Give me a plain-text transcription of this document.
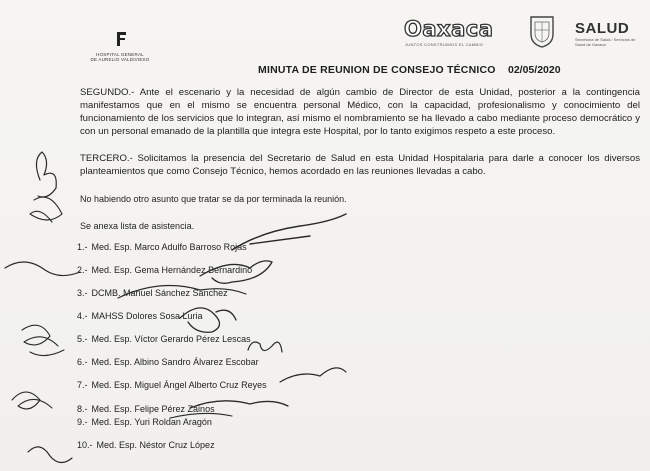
HOSPITAL GENERAL
DE AURELIO VALDIVIESO
Oaxaca
JUNTOS CONSTRUIMOS EL CAMBIO
SALUD
Secretaría de Salud / Servicios de Salud de Oaxaca
MINUTA DE REUNION DE CONSEJO TÉCNICO 02/05/2020
SEGUNDO.- Ante el escenario y la necesidad de algún cambio de Director de esta Unidad, posterior a la contingencia manifestamos que en el mismo se encuentra personal Médico, con la capacidad, profesionalismo y conocimiento del funcionamiento de los servicios que lo integran, así mismo el nombramiento se ha llevado a cabo mediante proceso democrático y con un personal emanado de la plantilla que integra este Hospital, por lo tanto exigimos respeto a este proceso.
TERCERO.- Solicitamos la presencia del Secretario de Salud en esta Unidad Hospitalaria para darle a conocer los diversos planteamientos que como Consejo Técnico, hemos acordado en las reuniones llevadas a cabo.
No habiendo otro asunto que tratar se da por terminada la reunión.
Se anexa lista de asistencia.
1.- Med. Esp. Marco Adulfo Barroso Rojas
2.- Med. Esp. Gema Hernández Bernardino
3.- DCMB. Manuel Sánchez Sánchez
4.- MAHSS Dolores Sosa Luria
5.- Med. Esp. Víctor Gerardo Pérez Lescas
6.- Med. Esp. Albino Sandro Álvarez Escobar
7.- Med. Esp. Miguel Ángel Alberto Cruz Reyes
8.- Med. Esp. Felipe Pérez Zainos
9.- Med. Esp. Yuri Roldan Aragón
10.- Med. Esp. Néstor Cruz López
